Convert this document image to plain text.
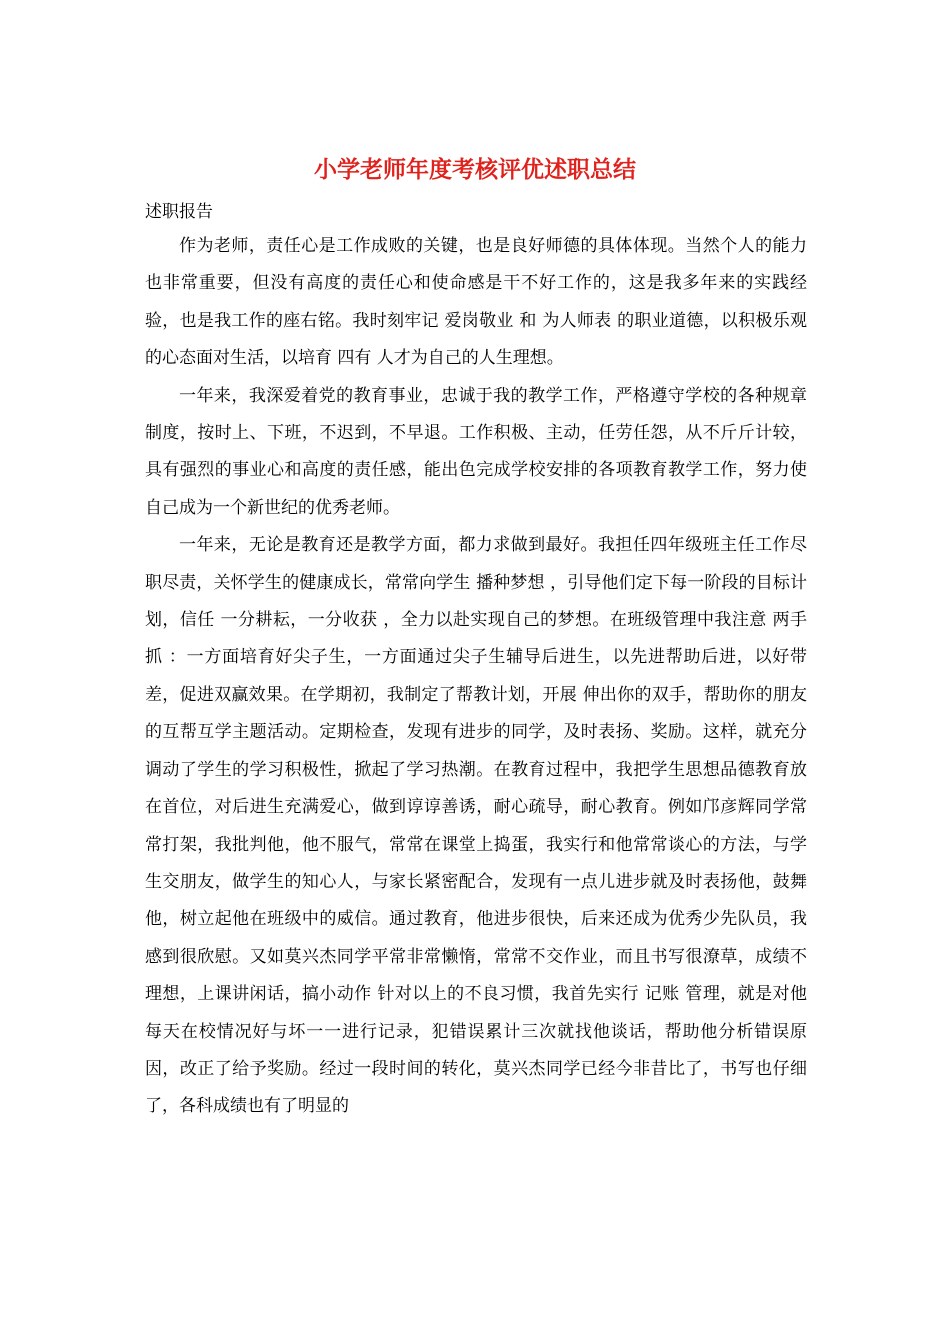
小学老师年度考核评优述职总结
述职报告

作为老师，责任心是工作成败的关键，也是良好师德的具体体现。当然个人的能力也非常重要，但没有高度的责任心和使命感是干不好工作的，这是我多年来的实践经验，也是我工作的座右铭。我时刻牢记 爱岗敬业 和 为人师表 的职业道德，以积极乐观的心态面对生活，以培育 四有 人才为自己的人生理想。

一年来，我深爱着党的教育事业，忠诚于我的教学工作，严格遵守学校的各种规章制度，按时上、下班，不迟到，不早退。工作积极、主动，任劳任怨，从不斤斤计较，具有强烈的事业心和高度的责任感，能出色完成学校安排的各项教育教学工作，努力使自己成为一个新世纪的优秀老师。

一年来，无论是教育还是教学方面，都力求做到最好。我担任四年级班主任工作尽职尽责，关怀学生的健康成长，常常向学生 播种梦想 ，引导他们定下每一阶段的目标计划，信任 一分耕耘，一分收获 ，全力以赴实现自己的梦想。在班级管理中我注意 两手抓 ：一方面培育好尖子生，一方面通过尖子生辅导后进生，以先进帮助后进，以好带差，促进双赢效果。在学期初，我制定了帮教计划，开展 伸出你的双手，帮助你的朋友 的互帮互学主题活动。定期检查，发现有进步的同学，及时表扬、奖励。这样，就充分调动了学生的学习积极性，掀起了学习热潮。在教育过程中，我把学生思想品德教育放在首位，对后进生充满爱心，做到谆谆善诱，耐心疏导，耐心教育。例如邝彦辉同学常常打架，我批判他，他不服气，常常在课堂上捣蛋，我实行和他常常谈心的方法，与学生交朋友，做学生的知心人，与家长紧密配合，发现有一点儿进步就及时表扬他，鼓舞他，树立起他在班级中的威信。通过教育，他进步很快，后来还成为优秀少先队员，我感到很欣慰。又如莫兴杰同学平常非常懒惰，常常不交作业，而且书写很潦草，成绩不理想，上课讲闲话，搞小动作 针对以上的不良习惯，我首先实行 记账 管理，就是对他每天在校情况好与坏一一进行记录，犯错误累计三次就找他谈话，帮助他分析错误原因，改正了给予奖励。经过一段时间的转化，莫兴杰同学已经今非昔比了，书写也仔细了，各科成绩也有了明显的
